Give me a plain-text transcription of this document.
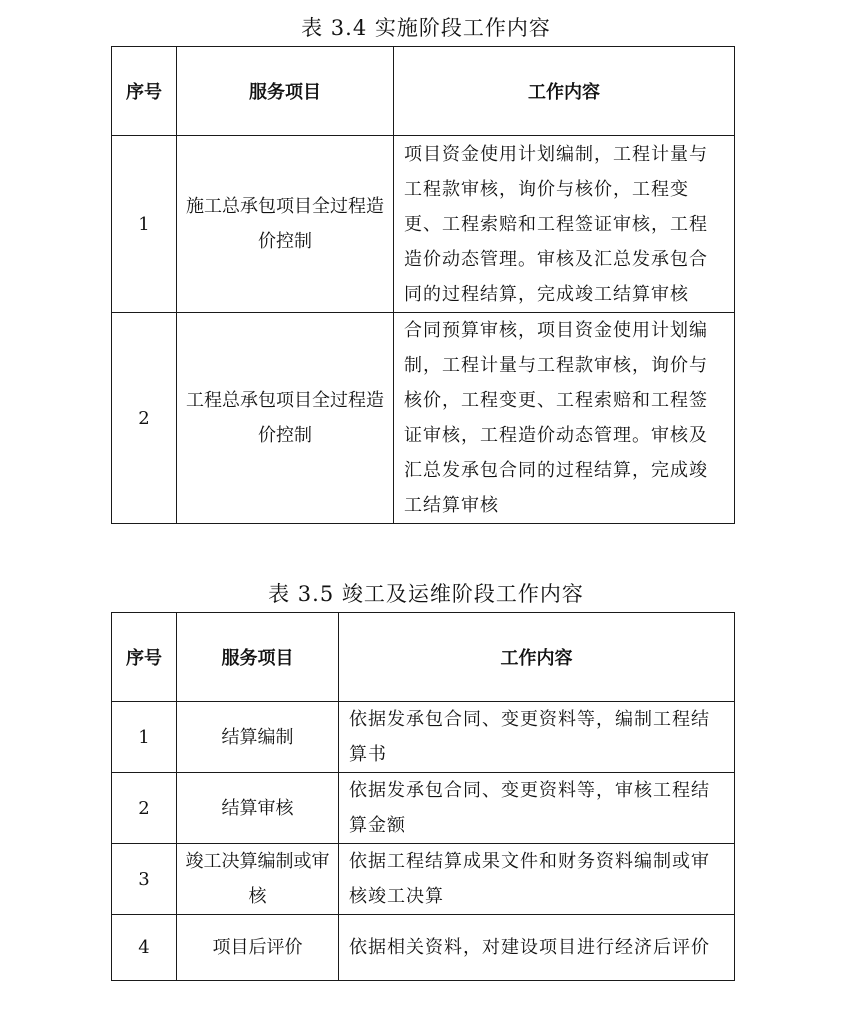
表 3.4 实施阶段工作内容
序号	服务项目	工作内容
1	施工总承包项目全过程造价控制	项目资金使用计划编制，工程计量与工程款审核，询价与核价，工程变更、工程索赔和工程签证审核，工程造价动态管理。审核及汇总发承包合同的过程结算，完成竣工结算审核
2	工程总承包项目全过程造价控制	合同预算审核，项目资金使用计划编制，工程计量与工程款审核，询价与核价，工程变更、工程索赔和工程签证审核，工程造价动态管理。审核及汇总发承包合同的过程结算，完成竣工结算审核
表 3.5 竣工及运维阶段工作内容
序号	服务项目	工作内容
1	结算编制	依据发承包合同、变更资料等，编制工程结算书
2	结算审核	依据发承包合同、变更资料等，审核工程结算金额
3	竣工决算编制或审核	依据工程结算成果文件和财务资料编制或审核竣工决算
4	项目后评价	依据相关资料，对建设项目进行经济后评价
